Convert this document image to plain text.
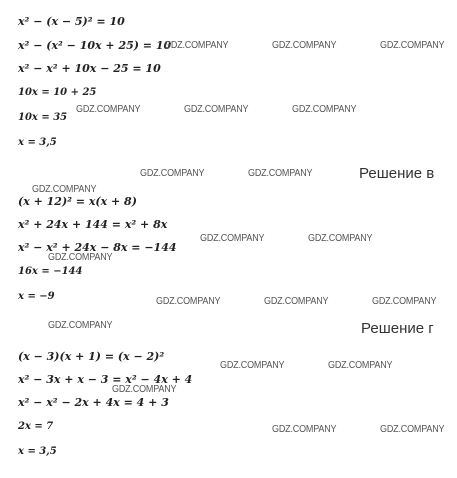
x² − (x − 5)² = 10
x² − (x² − 10x + 25) = 10
x² − x² + 10x − 25 = 10
10x = 10 + 25
10x = 35
x = 3,5
Решение в
(x + 12)² = x(x + 8)
x² + 24x + 144 = x² + 8x
x² − x² + 24x − 8x = −144
16x = −144
x = −9
Решение г
(x − 3)(x + 1) = (x − 2)²
x² − 3x + x − 3 = x² − 4x + 4
x² − x² − 2x + 4x = 4 + 3
2x = 7
x = 3,5
GDZ.COMPANY	GDZ.COMPANY	GDZ.COMPANY
GDZ.COMPANY	GDZ.COMPANY	GDZ.COMPANY
GDZ.COMPANY	GDZ.COMPANY
GDZ.COMPANY
GDZ.COMPANY	GDZ.COMPANY
GDZ.COMPANY
GDZ.COMPANY	GDZ.COMPANY	GDZ.COMPANY
GDZ.COMPANY
GDZ.COMPANY	GDZ.COMPANY
GDZ.COMPANY
GDZ.COMPANY	GDZ.COMPANY
